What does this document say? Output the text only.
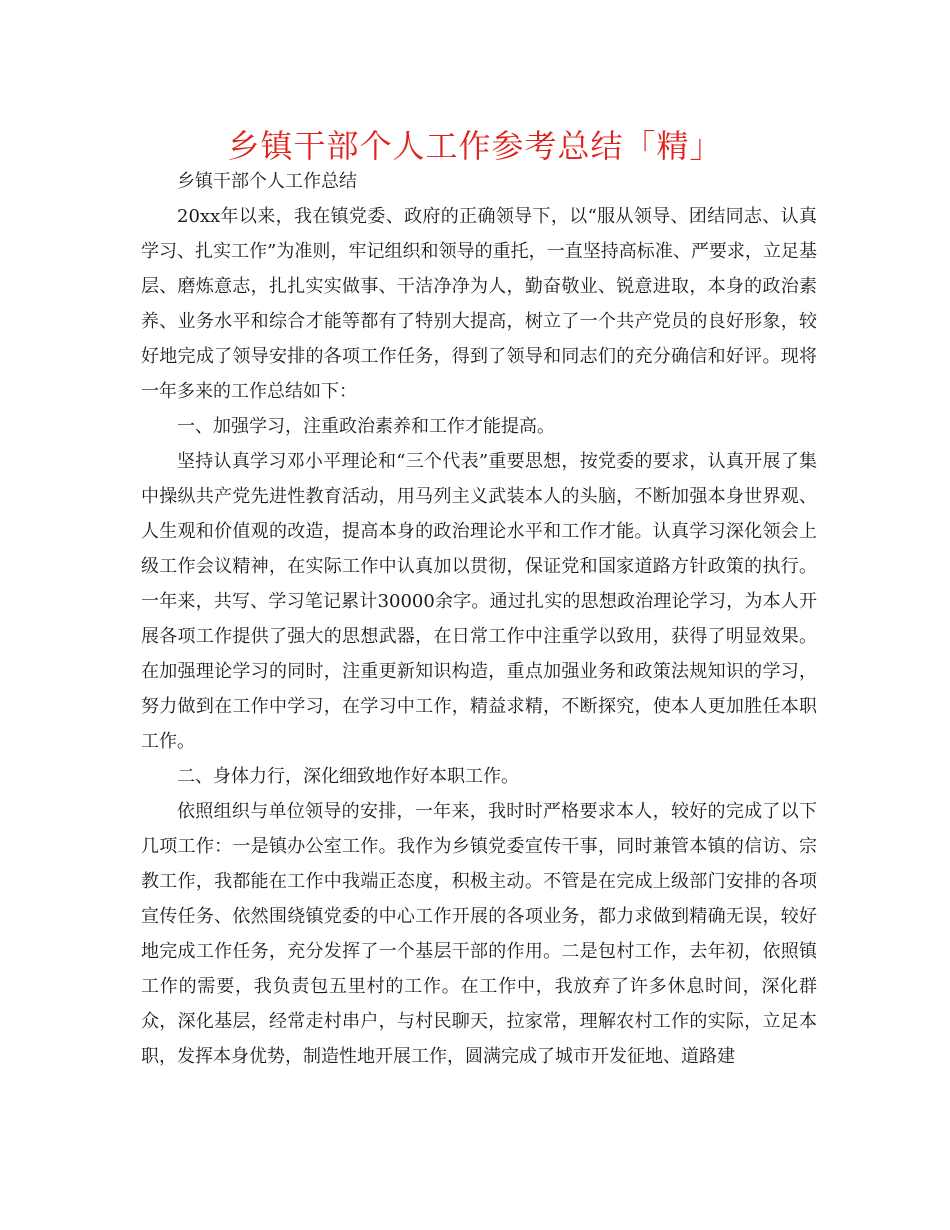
乡镇干部个人工作参考总结「精」

乡镇干部个人工作总结

20xx年以来，我在镇党委、政府的正确领导下，以“服从领导、团结同志、认真学习、扎实工作”为准则，牢记组织和领导的重托，一直坚持高标准、严要求，立足基层、磨炼意志，扎扎实实做事、干洁净净为人，勤奋敬业、锐意进取，本身的政治素养、业务水平和综合才能等都有了特别大提高，树立了一个共产党员的良好形象，较好地完成了领导安排的各项工作任务，得到了领导和同志们的充分确信和好评。现将一年多来的工作总结如下：

一、加强学习，注重政治素养和工作才能提高。

坚持认真学习邓小平理论和“三个代表”重要思想，按党委的要求，认真开展了集中操纵共产党先进性教育活动，用马列主义武装本人的头脑，不断加强本身世界观、人生观和价值观的改造，提高本身的政治理论水平和工作才能。认真学习深化领会上级工作会议精神，在实际工作中认真加以贯彻，保证党和国家道路方针政策的执行。一年来，共写、学习笔记累计30000余字。通过扎实的思想政治理论学习，为本人开展各项工作提供了强大的思想武器，在日常工作中注重学以致用，获得了明显效果。在加强理论学习的同时，注重更新知识构造，重点加强业务和政策法规知识的学习，努力做到在工作中学习，在学习中工作，精益求精，不断探究，使本人更加胜任本职工作。

二、身体力行，深化细致地作好本职工作。

依照组织与单位领导的安排，一年来，我时时严格要求本人，较好的完成了以下几项工作：一是镇办公室工作。我作为乡镇党委宣传干事，同时兼管本镇的信访、宗教工作，我都能在工作中我端正态度，积极主动。不管是在完成上级部门安排的各项宣传任务、依然围绕镇党委的中心工作开展的各项业务，都力求做到精确无误，较好地完成工作任务，充分发挥了一个基层干部的作用。二是包村工作，去年初，依照镇工作的需要，我负责包五里村的工作。在工作中，我放弃了许多休息时间，深化群众，深化基层，经常走村串户，与村民聊天，拉家常，理解农村工作的实际，立足本职，发挥本身优势，制造性地开展工作，圆满完成了城市开发征地、道路建
